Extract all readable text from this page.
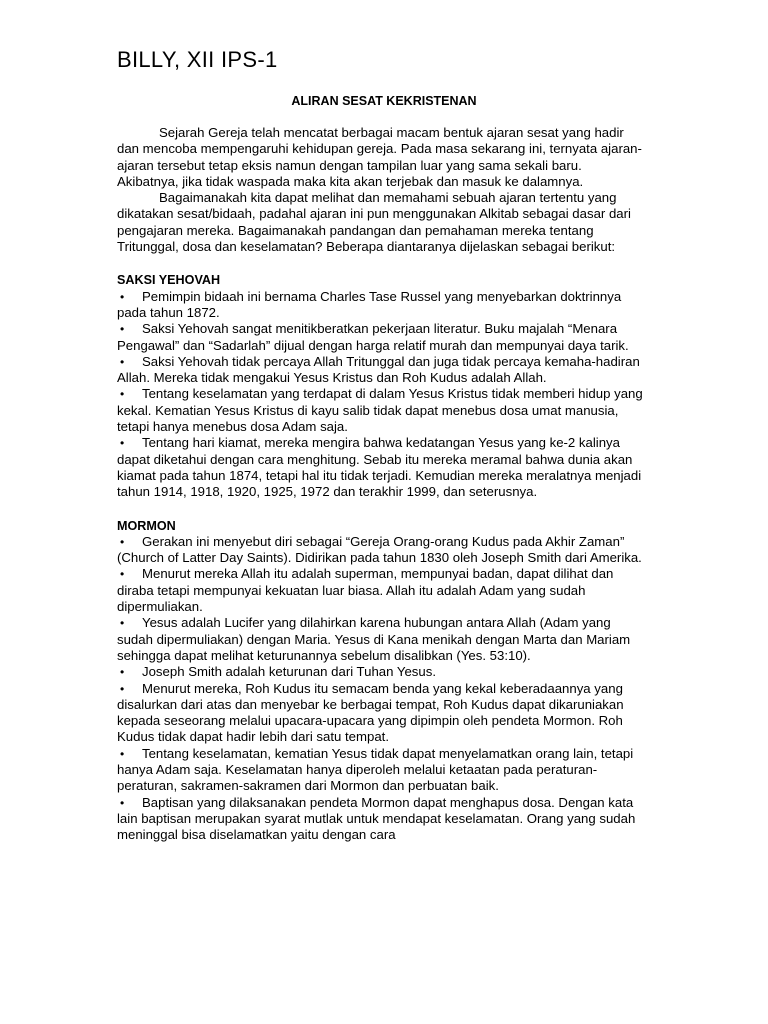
BILLY, XII IPS-1
ALIRAN SESAT KEKRISTENAN

Sejarah Gereja telah mencatat berbagai macam bentuk ajaran sesat yang hadir dan mencoba mempengaruhi kehidupan gereja. Pada masa sekarang ini, ternyata ajaran-ajaran tersebut tetap eksis namun dengan tampilan luar yang sama sekali baru. Akibatnya, jika tidak waspada maka kita akan terjebak dan masuk ke dalamnya.

Bagaimanakah kita dapat melihat dan memahami sebuah ajaran tertentu yang dikatakan sesat/bidaah, padahal ajaran ini pun menggunakan Alkitab sebagai dasar dari pengajaran mereka. Bagaimanakah pandangan dan pemahaman mereka tentang Tritunggal, dosa dan keselamatan? Beberapa diantaranya dijelaskan sebagai berikut:

SAKSI YEHOVAH
• Pemimpin bidaah ini bernama Charles Tase Russel yang menyebarkan doktrinnya pada tahun 1872.
• Saksi Yehovah sangat menitikberatkan pekerjaan literatur. Buku majalah “Menara Pengawal” dan “Sadarlah” dijual dengan harga relatif murah dan mempunyai daya tarik.
• Saksi Yehovah tidak percaya Allah Tritunggal dan juga tidak percaya kemaha-hadiran Allah. Mereka tidak mengakui Yesus Kristus dan Roh Kudus adalah Allah.
• Tentang keselamatan yang terdapat di dalam Yesus Kristus tidak memberi hidup yang kekal. Kematian Yesus Kristus di kayu salib tidak dapat menebus dosa umat manusia, tetapi hanya menebus dosa Adam saja.
• Tentang hari kiamat, mereka mengira bahwa kedatangan Yesus yang ke-2 kalinya dapat diketahui dengan cara menghitung. Sebab itu mereka meramal bahwa dunia akan kiamat pada tahun 1874, tetapi hal itu tidak terjadi. Kemudian mereka meralatnya menjadi tahun 1914, 1918, 1920, 1925, 1972 dan terakhir 1999, dan seterusnya.
MORMON
• Gerakan ini menyebut diri sebagai “Gereja Orang-orang Kudus pada Akhir Zaman” (Church of Latter Day Saints). Didirikan pada tahun 1830 oleh Joseph Smith dari Amerika.
• Menurut mereka Allah itu adalah superman, mempunyai badan, dapat dilihat dan diraba tetapi mempunyai kekuatan luar biasa. Allah itu adalah Adam yang sudah dipermuliakan.
• Yesus adalah Lucifer yang dilahirkan karena hubungan antara Allah (Adam yang sudah dipermuliakan) dengan Maria. Yesus di Kana menikah dengan Marta dan Mariam sehingga dapat melihat keturunannya sebelum disalibkan (Yes. 53:10).
• Joseph Smith adalah keturunan dari Tuhan Yesus.
• Menurut mereka, Roh Kudus itu semacam benda yang kekal keberadaannya yang disalurkan dari atas dan menyebar ke berbagai tempat, Roh Kudus dapat dikaruniakan kepada seseorang melalui upacara-upacara yang dipimpin oleh pendeta Mormon. Roh Kudus tidak dapat hadir lebih dari satu tempat.
• Tentang keselamatan, kematian Yesus tidak dapat menyelamatkan orang lain, tetapi hanya Adam saja. Keselamatan hanya diperoleh melalui ketaatan pada peraturan-peraturan, sakramen-sakramen dari Mormon dan perbuatan baik.
• Baptisan yang dilaksanakan pendeta Mormon dapat menghapus dosa. Dengan kata lain baptisan merupakan syarat mutlak untuk mendapat keselamatan. Orang yang sudah meninggal bisa diselamatkan yaitu dengan cara
